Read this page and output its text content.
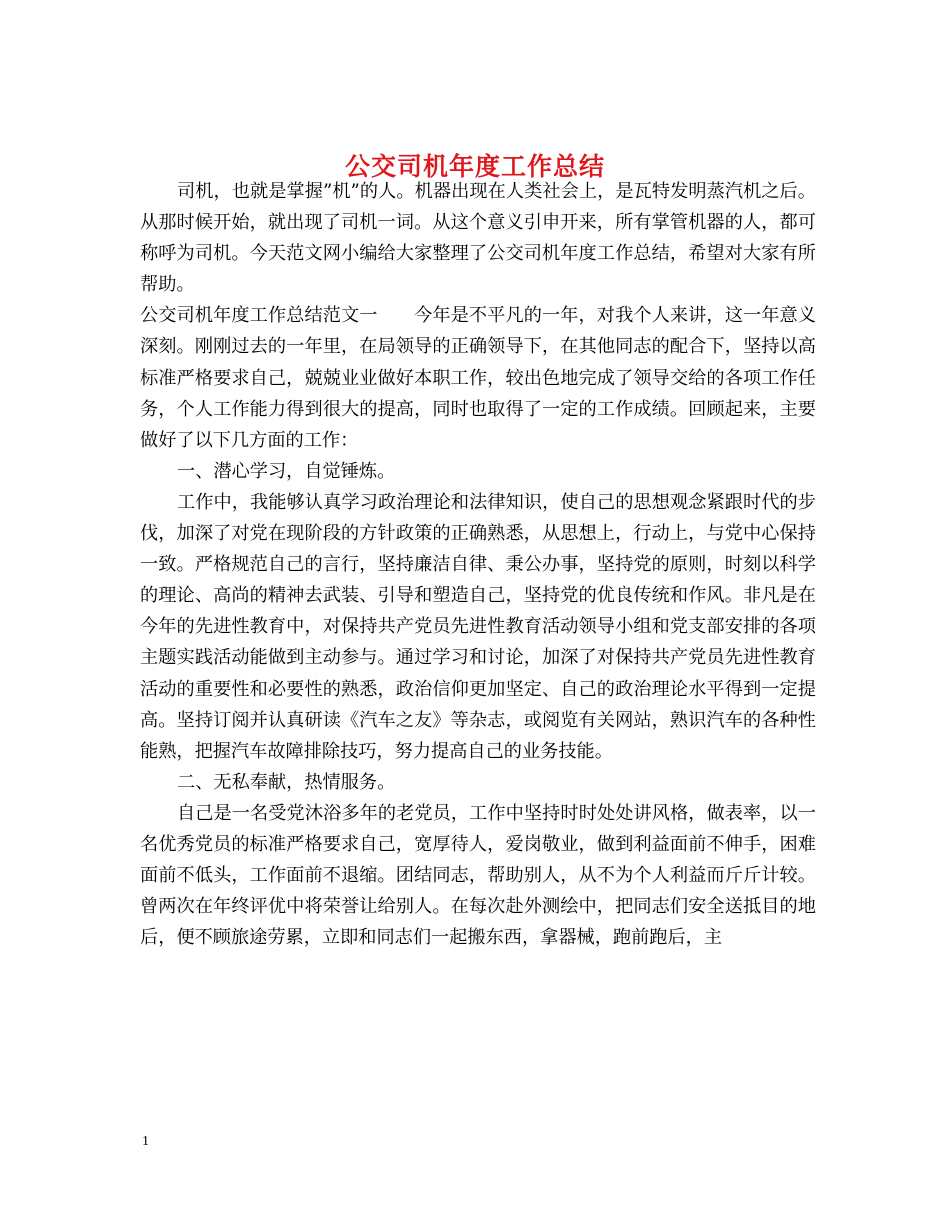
公交司机年度工作总结

司机，也就是掌握”机”的人。机器出现在人类社会上，是瓦特发明蒸汽机之后。从那时候开始，就出现了司机一词。从这个意义引申开来，所有掌管机器的人，都可称呼为司机。今天范文网小编给大家整理了公交司机年度工作总结，希望对大家有所帮助。

公交司机年度工作总结范文一　　今年是不平凡的一年，对我个人来讲，这一年意义深刻。刚刚过去的一年里，在局领导的正确领导下，在其他同志的配合下，坚持以高标准严格要求自己，兢兢业业做好本职工作，较出色地完成了领导交给的各项工作任务，个人工作能力得到很大的提高，同时也取得了一定的工作成绩。回顾起来，主要做好了以下几方面的工作：

一、潜心学习，自觉锤炼。

工作中，我能够认真学习政治理论和法律知识，使自己的思想观念紧跟时代的步伐，加深了对党在现阶段的方针政策的正确熟悉，从思想上，行动上，与党中心保持一致。严格规范自己的言行，坚持廉洁自律、秉公办事，坚持党的原则，时刻以科学的理论、高尚的精神去武装、引导和塑造自己，坚持党的优良传统和作风。非凡是在今年的先进性教育中，对保持共产党员先进性教育活动领导小组和党支部安排的各项主题实践活动能做到主动参与。通过学习和讨论，加深了对保持共产党员先进性教育活动的重要性和必要性的熟悉，政治信仰更加坚定、自己的政治理论水平得到一定提高。坚持订阅并认真研读《汽车之友》等杂志，或阅览有关网站，熟识汽车的各种性能熟，把握汽车故障排除技巧，努力提高自己的业务技能。

二、无私奉献，热情服务。

自己是一名受党沐浴多年的老党员，工作中坚持时时处处讲风格，做表率，以一名优秀党员的标准严格要求自己，宽厚待人，爱岗敬业，做到利益面前不伸手，困难面前不低头，工作面前不退缩。团结同志，帮助别人，从不为个人利益而斤斤计较。曾两次在年终评优中将荣誉让给别人。在每次赴外测绘中，把同志们安全送抵目的地后，便不顾旅途劳累，立即和同志们一起搬东西，拿器械，跑前跑后，主

1
